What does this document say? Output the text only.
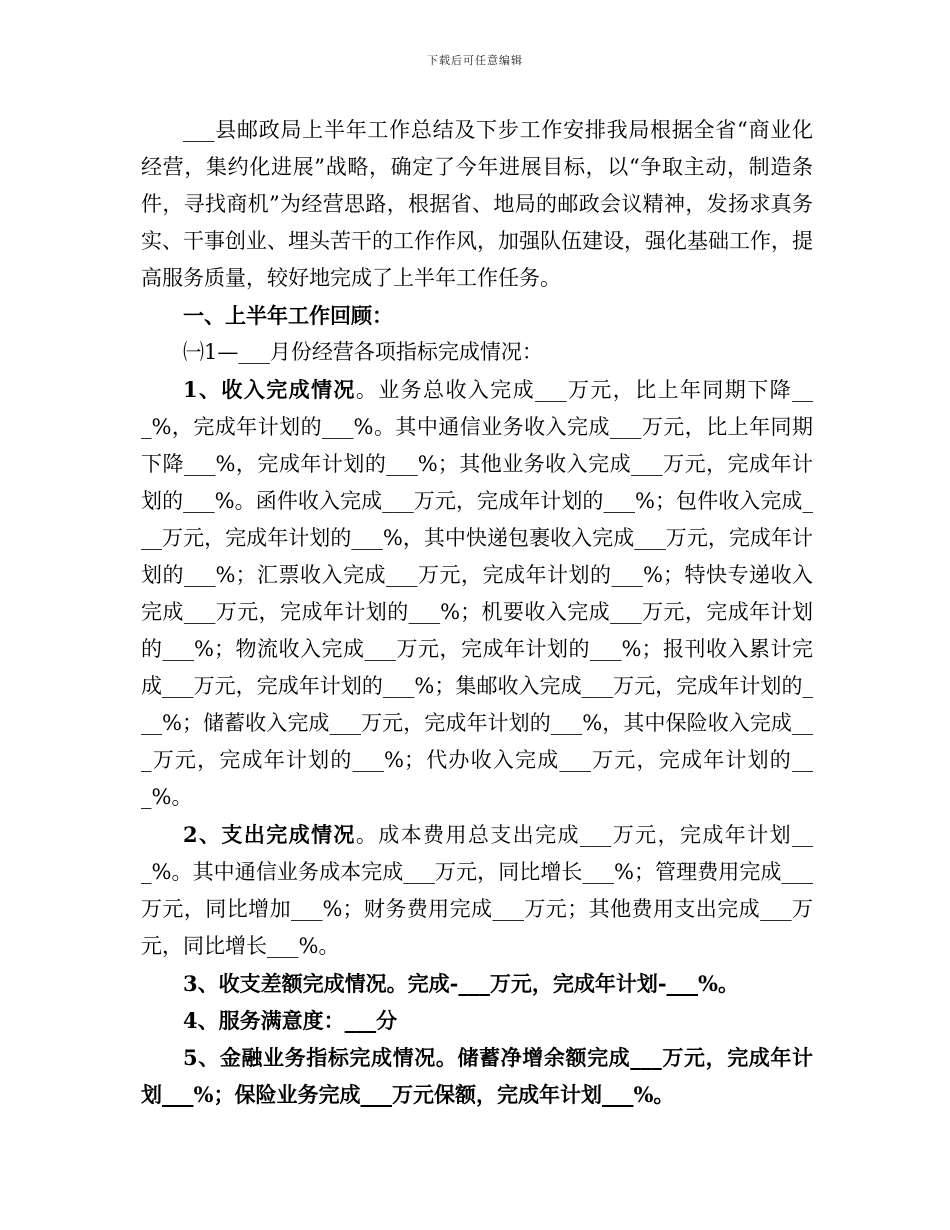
下载后可任意编辑

___县邮政局上半年工作总结及下步工作安排我局根据全省“商业化经营，集约化进展”战略，确定了今年进展目标，以“争取主动，制造条件，寻找商机”为经营思路，根据省、地局的邮政会议精神，发扬求真务实、干事创业、埋头苦干的工作作风，加强队伍建设，强化基础工作，提高服务质量，较好地完成了上半年工作任务。

一、上半年工作回顾：

㈠1—___月份经营各项指标完成情况：

1、收入完成情况。业务总收入完成___万元，比上年同期下降___%，完成年计划的___%。其中通信业务收入完成___万元，比上年同期下降___%，完成年计划的___%；其他业务收入完成___万元，完成年计划的___%。函件收入完成___万元，完成年计划的___%；包件收入完成___万元，完成年计划的___%，其中快递包裹收入完成___万元，完成年计划的___%；汇票收入完成___万元，完成年计划的___%；特快专递收入完成___万元，完成年计划的___%；机要收入完成___万元，完成年计划的___%；物流收入完成___万元，完成年计划的___%；报刊收入累计完成___万元，完成年计划的___%；集邮收入完成___万元，完成年计划的___%；储蓄收入完成___万元，完成年计划的___%，其中保险收入完成___万元，完成年计划的___%；代办收入完成___万元，完成年计划的___%。

2、支出完成情况。成本费用总支出完成___万元，完成年计划___%。其中通信业务成本完成___万元，同比增长___%；管理费用完成___万元，同比增加___%；财务费用完成___万元；其他费用支出完成___万元，同比增长___%。

3、收支差额完成情况。完成-___万元，完成年计划-___%。

4、服务满意度：___分

5、金融业务指标完成情况。储蓄净增余额完成___万元，完成年计划___%；保险业务完成___万元保额，完成年计划___%。
